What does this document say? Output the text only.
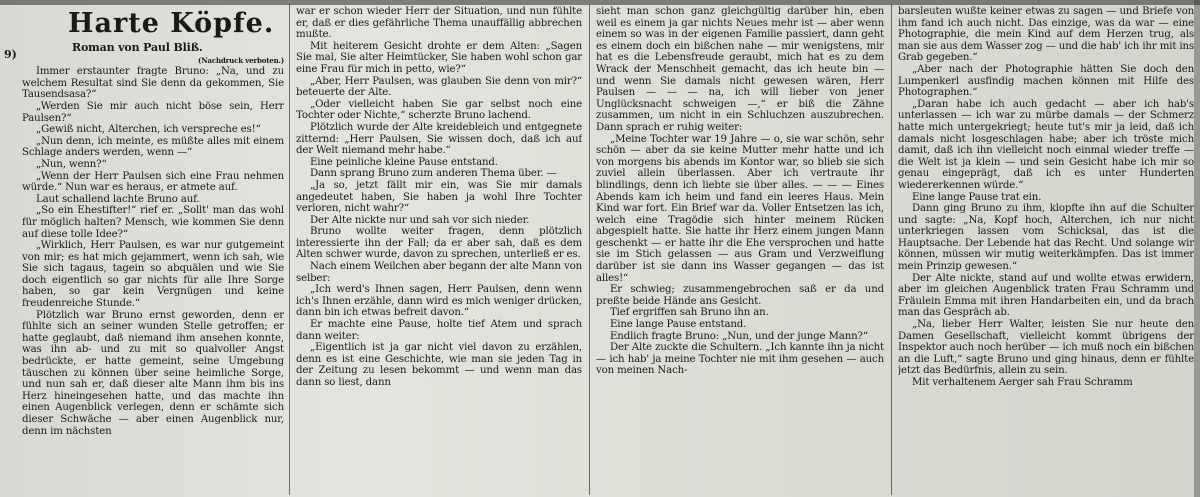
9)
Harte Köpfe.
Roman von Paul Bliß.
(Nachdruck verboten.)

Immer erstaunter fragte Bruno: „Na, und zu welchem Resultat sind Sie denn da gekommen, Sie Tausendsasa?“

„Werden Sie mir auch nicht böse sein, Herr Paulsen?“

„Gewiß nicht, Alterchen, ich verspreche es!“

„Nun denn, ich meinte, es müßte alles mit einem Schlage anders werden, wenn —“

„Nun, wenn?“

„Wenn der Herr Paulsen sich eine Frau nehmen würde.“ Nun war es heraus, er atmete auf.

Laut schallend lachte Bruno auf.

„So ein Ehestifter!“ rief er. „Sollt' man das wohl für möglich halten? Mensch, wie kommen Sie denn auf diese tolle Idee?“

„Wirklich, Herr Paulsen, es war nur gutgemeint von mir; es hat mich gejammert, wenn ich sah, wie Sie sich tagaus, tagein so abquälen und wie Sie doch eigentlich so gar nichts für alle Ihre Sorge haben, so gar kein Vergnügen und keine freudenreiche Stunde.“

Plötzlich war Bruno ernst geworden, denn er fühlte sich an seiner wunden Stelle getroffen; er hatte geglaubt, daß niemand ihm ansehen konnte, was ihn ab- und zu mit so qualvoller Angst bedrückte, er hatte gemeint, seine Umgebung täuschen zu können über seine heimliche Sorge, und nun sah er, daß dieser alte Mann ihm bis ins Herz hineingesehen hatte, und das machte ihn einen Augenblick verlegen, denn er schämte sich dieser Schwäche — aber einen Augenblick nur, denn im nächsten

war er schon wieder Herr der Situation, und nun fühlte er, daß er dies gefährliche Thema unauffällig abbrechen mußte.

Mit heiterem Gesicht drohte er dem Alten: „Sagen Sie mal, Sie alter Heimtücker, Sie haben wohl schon gar eine Frau für mich in petto, wie?“

„Aber, Herr Paulsen, was glauben Sie denn von mir?“ beteuerte der Alte.

„Oder vielleicht haben Sie gar selbst noch eine Tochter oder Nichte,“ scherzte Bruno lachend.

Plötzlich wurde der Alte kreidebleich und entgegnete zitternd: „Herr Paulsen, Sie wissen doch, daß ich auf der Welt niemand mehr habe.“

Eine peinliche kleine Pause entstand.

Dann sprang Bruno zum anderen Thema über. —

„Ja so, jetzt fällt mir ein, was Sie mir damals angedeutet haben, Sie haben ja wohl Ihre Tochter verloren, nicht wahr?“

Der Alte nickte nur und sah vor sich nieder.

Bruno wollte weiter fragen, denn plötzlich interessierte ihn der Fall; da er aber sah, daß es dem Alten schwer wurde, davon zu sprechen, unterließ er es.

Nach einem Weilchen aber begann der alte Mann von selber:

„Ich werd's Ihnen sagen, Herr Paulsen, denn wenn ich's Ihnen erzähle, dann wird es mich weniger drücken, dann bin ich etwas befreit davon.“

Er machte eine Pause, holte tief Atem und sprach dann weiter:

„Eigentlich ist ja gar nicht viel davon zu erzählen, denn es ist eine Geschichte, wie man sie jeden Tag in der Zeitung zu lesen bekommt — und wenn man das dann so liest, dann

sieht man schon ganz gleichgültig darüber hin, eben weil es einem ja gar nichts Neues mehr ist — aber wenn einem so was in der eigenen Familie passiert, dann geht es einem doch ein bißchen nahe — mir wenigstens, mir hat es die Lebensfreude geraubt, mich hat es zu dem Wrack der Menschheit gemacht, das ich heute bin — und wenn Sie damals nicht gewesen wären, Herr Paulsen — — — na, ich will lieber von jener Unglücksnacht schweigen —,“ er biß die Zähne zusammen, um nicht in ein Schluchzen auszubrechen. Dann sprach er ruhig weiter:

„Meine Tochter war 19 Jahre — o, sie war schön, sehr schön — aber da sie keine Mutter mehr hatte und ich von morgens bis abends im Kontor war, so blieb sie sich zuviel allein überlassen. Aber ich vertraute ihr blindlings, denn ich liebte sie über alles. — — — Eines Abends kam ich heim und fand ein leeres Haus. Mein Kind war fort. Ein Brief war da. Voller Entsetzen las ich, welch eine Tragödie sich hinter meinem Rücken abgespielt hatte. Sie hatte ihr Herz einem jungen Mann geschenkt — er hatte ihr die Ehe versprochen und hatte sie im Stich gelassen — aus Gram und Verzweiflung darüber ist sie dann ins Wasser gegangen — das ist alles!“

Er schwieg; zusammengebrochen saß er da und preßte beide Hände ans Gesicht.

Tief ergriffen sah Bruno ihn an.

Eine lange Pause entstand.

Endlich fragte Bruno: „Nun, und der junge Mann?“

Der Alte zuckte die Schultern. „Ich kannte ihn ja nicht — ich hab' ja meine Tochter nie mit ihm gesehen — auch von meinen Nach-

barsleuten wußte keiner etwas zu sagen — und Briefe von ihm fand ich auch nicht. Das einzige, was da war — eine Photographie, die mein Kind auf dem Herzen trug, als man sie aus dem Wasser zog — und die hab' ich ihr mit ins Grab gegeben.“

„Aber nach der Photographie hätten Sie doch den Lumpenkerl ausfindig machen können mit Hilfe des Photographen.“

„Daran habe ich auch gedacht — aber ich hab's unterlassen — ich war zu mürbe damals — der Schmerz hatte mich untergekriegt; heute tut's mir ja leid, daß ich damals nicht losgeschlagen habe; aber ich tröste mich damit, daß ich ihn vielleicht noch einmal wieder treffe — die Welt ist ja klein — und sein Gesicht habe ich mir so genau eingeprägt, daß ich es unter Hunderten wiedererkennen würde.“

Eine lange Pause trat ein.

Dann ging Bruno zu ihm, klopfte ihn auf die Schulter und sagte: „Na, Kopf hoch, Alterchen, ich nur nicht unterkriegen lassen vom Schicksal, das ist die Hauptsache. Der Lebende hat das Recht. Und solange wir können, müssen wir mutig weiterkämpfen. Das ist immer mein Prinzip gewesen.“

Der Alte nickte, stand auf und wollte etwas erwidern, aber im gleichen Augenblick traten Frau Schramm und Fräulein Emma mit ihren Handarbeiten ein, und da brach man das Gespräch ab.

„Na, lieber Herr Walter, leisten Sie nur heute den Damen Gesellschaft, vielleicht kommt übrigens der Inspektor auch noch herüber — ich muß noch ein bißchen an die Luft,“ sagte Bruno und ging hinaus, denn er fühlte jetzt das Bedürfnis, allein zu sein.

Mit verhaltenem Aerger sah Frau Schramm
